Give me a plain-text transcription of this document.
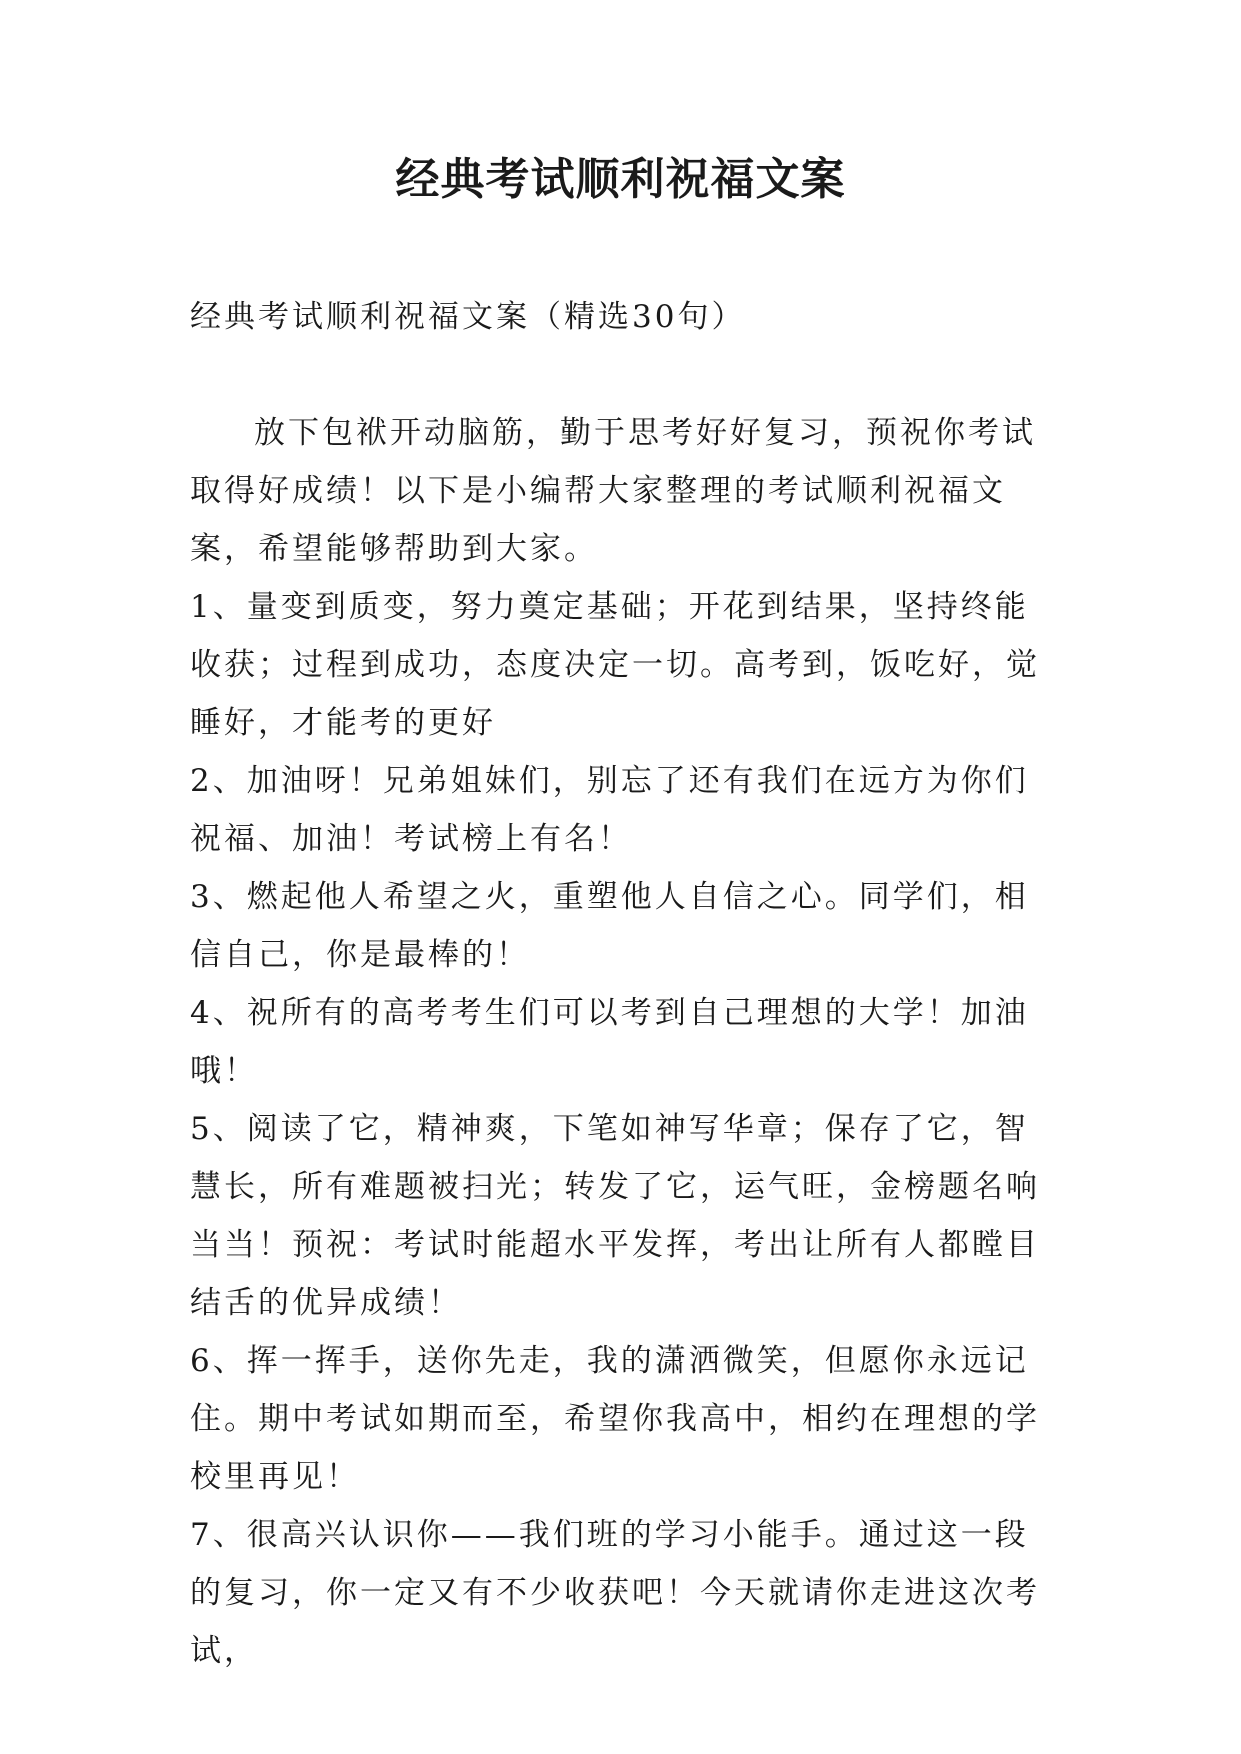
经典考试顺利祝福文案

经典考试顺利祝福文案（精选30句）

放下包袱开动脑筋，勤于思考好好复习，预祝你考试取得好成绩！以下是小编帮大家整理的考试顺利祝福文案，希望能够帮助到大家。

1、量变到质变，努力奠定基础；开花到结果，坚持终能收获；过程到成功，态度决定一切。高考到，饭吃好，觉睡好，才能考的更好

2、加油呀！兄弟姐妹们，别忘了还有我们在远方为你们祝福、加油！考试榜上有名！

3、燃起他人希望之火，重塑他人自信之心。同学们，相信自己，你是最棒的！

4、祝所有的高考考生们可以考到自己理想的大学！加油哦！

5、阅读了它，精神爽，下笔如神写华章；保存了它，智慧长，所有难题被扫光；转发了它，运气旺，金榜题名响当当！预祝：考试时能超水平发挥，考出让所有人都瞠目结舌的优异成绩！

6、挥一挥手，送你先走，我的潇洒微笑，但愿你永远记住。期中考试如期而至，希望你我高中，相约在理想的学校里再见！

7、很高兴认识你——我们班的学习小能手。通过这一段的复习，你一定又有不少收获吧！今天就请你走进这次考试，
